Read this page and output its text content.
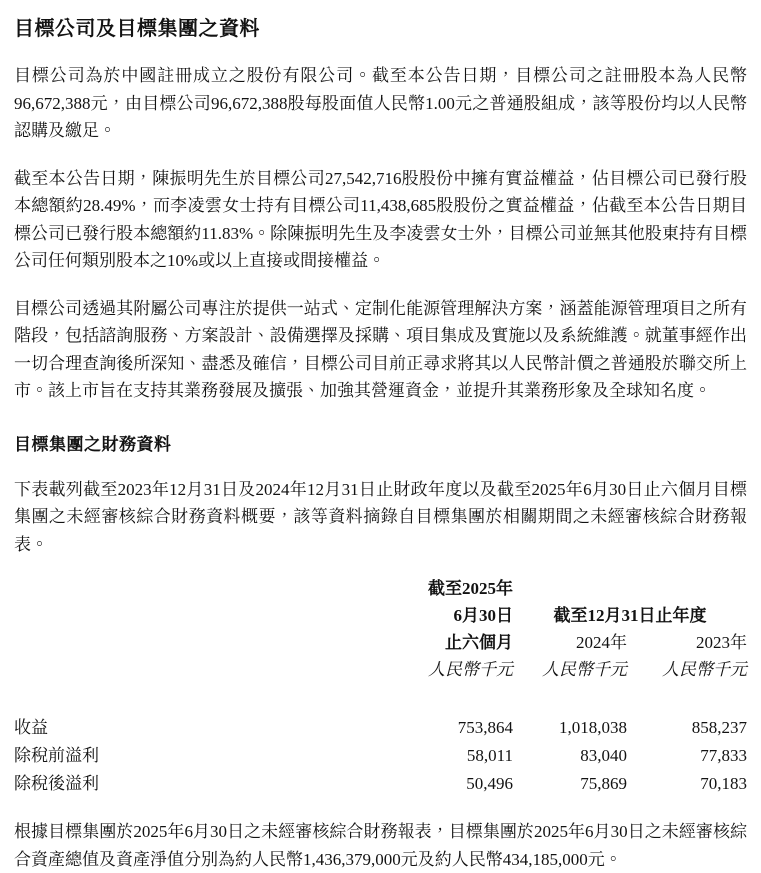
目標公司及目標集團之資料

目標公司為於中國註冊成立之股份有限公司。截至本公告日期，目標公司之註冊股本為人民幣96,672,388元，由目標公司96,672,388股每股面值人民幣1.00元之普通股組成，該等股份均以人民幣認購及繳足。

截至本公告日期，陳振明先生於目標公司27,542,716股股份中擁有實益權益，佔目標公司已發行股本總額約28.49%，而李凌雲女士持有目標公司11,438,685股股份之實益權益，佔截至本公告日期目標公司已發行股本總額約11.83%。除陳振明先生及李凌雲女士外，目標公司並無其他股東持有目標公司任何類別股本之10%或以上直接或間接權益。

目標公司透過其附屬公司專注於提供一站式、定制化能源管理解決方案，涵蓋能源管理項目之所有階段，包括諮詢服務、方案設計、設備選擇及採購、項目集成及實施以及系統維護。就董事經作出一切合理查詢後所深知、盡悉及確信，目標公司目前正尋求將其以人民幣計價之普通股於聯交所上市。該上市旨在支持其業務發展及擴張、加強其營運資金，並提升其業務形象及全球知名度。

目標集團之財務資料

下表載列截至2023年12月31日及2024年12月31日止財政年度以及截至2025年6月30日止六個月目標集團之未經審核綜合財務資料概要，該等資料摘錄自目標集團於相關期間之未經審核綜合財務報表。

	截至2025年		
	6月30日	截至12月31日止年度	
	止六個月	2024年	2023年
	人民幣千元	人民幣千元	人民幣千元

收益	753,864	1,018,038	858,237
除稅前溢利	58,011	83,040	77,833
除稅後溢利	50,496	75,869	70,183

根據目標集團於2025年6月30日之未經審核綜合財務報表，目標集團於2025年6月30日之未經審核綜合資產總值及資產淨值分別為約人民幣1,436,379,000元及約人民幣434,185,000元。
